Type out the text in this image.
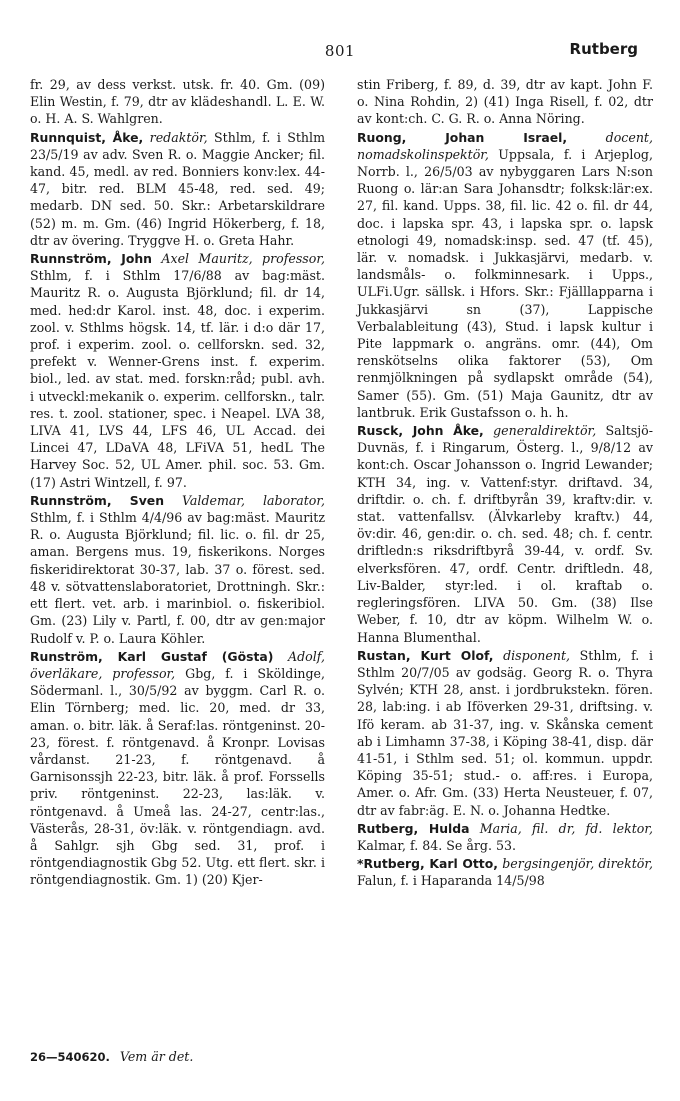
801	Rutberg

fr. 29, av dess verkst. utsk. fr. 40. Gm. (09) Elin Westin, f. 79, dtr av klädeshandl. L. E. W. o. H. A. S. Wahlgren.

Runnquist, Åke, redaktör, Sthlm, f. i Sthlm 23/5/19 av adv. Sven R. o. Maggie Ancker; fil. kand. 45, medl. av red. Bonniers konv:lex. 44-47, bitr. red. BLM 45-48, red. sed. 49; medarb. DN sed. 50. Skr.: Arbetarskildrare (52) m. m. Gm. (46) Ingrid Hökerberg, f. 18, dtr av övering. Tryggve H. o. Greta Hahr.

Runnström, John Axel Mauritz, professor, Sthlm, f. i Sthlm 17/6/88 av bag:mäst. Mauritz R. o. Augusta Björklund; fil. dr 14, med. hed:dr Karol. inst. 48, doc. i experim. zool. v. Sthlms högsk. 14, tf. lär. i d:o där 17, prof. i experim. zool. o. cellforskn. sed. 32, prefekt v. Wenner-Grens inst. f. experim. biol., led. av stat. med. forskn:råd; publ. avh. i utveckl:mekanik o. experim. cellforskn., talr. res. t. zool. stationer, spec. i Neapel. LVA 38, LIVA 41, LVS 44, LFS 46, UL Accad. dei Lincei 47, LDaVA 48, LFiVA 51, hedL The Harvey Soc. 52, UL Amer. phil. soc. 53. Gm. (17) Astri Wintzell, f. 97.

Runnström, Sven Valdemar, laborator, Sthlm, f. i Sthlm 4/4/96 av bag:mäst. Mauritz R. o. Augusta Björklund; fil. lic. o. fil. dr 25, aman. Bergens mus. 19, fiskerikons. Norges fiskeridirektorat 30-37, lab. 37 o. förest. sed. 48 v. sötvattenslaboratoriet, Drottningh. Skr.: ett flert. vet. arb. i marinbiol. o. fiskeribiol. Gm. (23) Lily v. Partl, f. 00, dtr av gen:major Rudolf v. P. o. Laura Köhler.

Runström, Karl Gustaf (Gösta) Adolf, överläkare, professor, Gbg, f. i Sköldinge, Södermanl. l., 30/5/92 av byggm. Carl R. o. Elin Törnberg; med. lic. 20, med. dr 33, aman. o. bitr. läk. å Seraf:las. röntgeninst. 20-23, förest. f. röntgenavd. å Kronpr. Lovisas vårdanst. 21-23, f. röntgenavd. å Garnisonssjh 22-23, bitr. läk. å prof. Forssells priv. röntgeninst. 22-23, las:läk. v. röntgenavd. å Umeå las. 24-27, centr:las., Västerås, 28-31, öv:läk. v. röntgendiagn. avd. å Sahlgr. sjh Gbg sed. 31, prof. i röntgendiagnostik Gbg 52. Utg. ett flert. skr. i röntgendiagnostik. Gm. 1) (20) Kjer-

stin Friberg, f. 89, d. 39, dtr av kapt. John F. o. Nina Rohdin, 2) (41) Inga Risell, f. 02, dtr av kont:ch. C. G. R. o. Anna Nöring.

Ruong, Johan Israel, docent, nomadskolinspektör, Uppsala, f. i Arjeplog, Norrb. l., 26/5/03 av nybyggaren Lars N:son Ruong o. lär:an Sara Johansdtr; folksk:lär:ex. 27, fil. kand. Upps. 38, fil. lic. 42 o. fil. dr 44, doc. i lapska spr. 43, i lapska spr. o. lapsk etnologi 49, nomadsk:insp. sed. 47 (tf. 45), lär. v. nomadsk. i Jukkasjärvi, medarb. v. landsmåls- o. folkminnesark. i Upps., ULFi.Ugr. sällsk. i Hfors. Skr.: Fjälllapparna i Jukkasjärvi sn (37), Lappische Verbalableitung (43), Stud. i lapsk kultur i Pite lappmark o. angräns. omr. (44), Om renskötselns olika faktorer (53), Om renmjölkningen på sydlapskt område (54), Samer (55). Gm. (51) Maja Gaunitz, dtr av lantbruk. Erik Gustafsson o. h. h.

Rusck, John Åke, generaldirektör, Saltsjö-Duvnäs, f. i Ringarum, Österg. l., 9/8/12 av kont:ch. Oscar Johansson o. Ingrid Lewander; KTH 34, ing. v. Vattenf:styr. driftavd. 34, driftdir. o. ch. f. driftbyrån 39, kraftv:dir. v. stat. vattenfallsv. (Älvkarleby kraftv.) 44, öv:dir. 46, gen:dir. o. ch. sed. 48; ch. f. centr. driftledn:s riksdriftbyrå 39-44, v. ordf. Sv. elverksfören. 47, ordf. Centr. driftledn. 48, Liv-Balder, styr:led. i ol. kraftab o. regleringsfören. LIVA 50. Gm. (38) Ilse Weber, f. 10, dtr av köpm. Wilhelm W. o. Hanna Blumenthal.

Rustan, Kurt Olof, disponent, Sthlm, f. i Sthlm 20/7/05 av godsäg. Georg R. o. Thyra Sylvén; KTH 28, anst. i jordbrukstekn. fören. 28, lab:ing. i ab Iföverken 29-31, driftsing. v. Ifö keram. ab 31-37, ing. v. Skånska cement ab i Limhamn 37-38, i Köping 38-41, disp. där 41-51, i Sthlm sed. 51; ol. kommun. uppdr. Köping 35-51; stud.- o. aff:res. i Europa, Amer. o. Afr. Gm. (33) Herta Neusteuer, f. 07, dtr av fabr:äg. E. N. o. Johanna Hedtke.

Rutberg, Hulda Maria, fil. dr, fd. lektor, Kalmar, f. 84. Se årg. 53.

*Rutberg, Karl Otto, bergsingenjör, direktör, Falun, f. i Haparanda 14/5/98

26—540620. Vem är det.
